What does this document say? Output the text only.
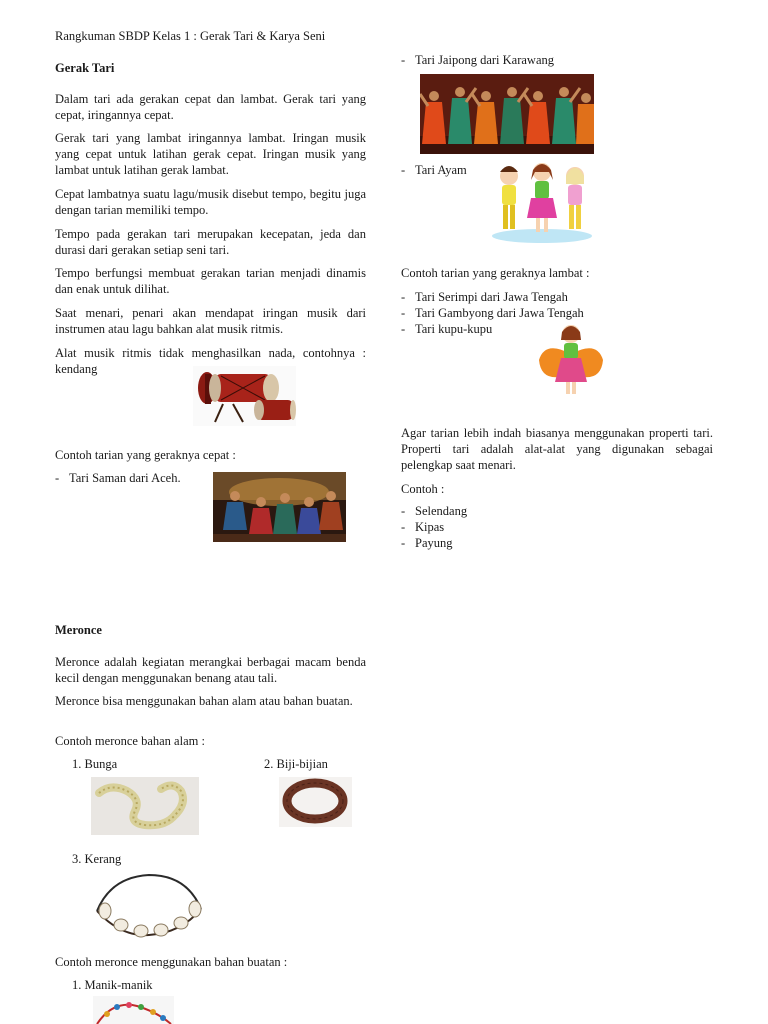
Rangkuman SBDP Kelas 1 : Gerak Tari & Karya Seni
Gerak Tari
Dalam tari ada gerakan cepat dan lambat. Gerak tari yang cepat, iringannya cepat.
Gerak tari yang lambat iringannya lambat. Iringan musik yang cepat untuk latihan gerak cepat. Iringan musik yang lambat untuk latihan gerak lambat.
Cepat lambatnya suatu lagu/musik disebut tempo, begitu juga dengan tarian memiliki tempo.
Tempo pada gerakan tari merupakan kecepatan, jeda dan durasi dari gerakan setiap seni tari.
Tempo berfungsi membuat gerakan tarian menjadi dinamis dan enak untuk dilihat.
Saat menari, penari akan mendapat iringan musik dari instrumen atau lagu bahkan alat musik ritmis.
Alat musik ritmis tidak menghasilkan nada, contohnya : kendang
Contoh tarian yang geraknya cepat :
- Tari Saman dari Aceh.
Meronce
Meronce adalah kegiatan merangkai berbagai macam benda kecil dengan menggunakan benang atau tali.
Meronce bisa menggunakan bahan alam atau bahan buatan.
Contoh meronce bahan alam :
1. Bunga	2. Biji-bijian
3. Kerang
Contoh meronce menggunakan bahan buatan :
1. Manik-manik
- Tari Jaipong dari Karawang
- Tari Ayam
Contoh tarian yang geraknya lambat :
- Tari Serimpi dari Jawa Tengah
- Tari Gambyong dari Jawa Tengah
- Tari kupu-kupu
Agar tarian lebih indah biasanya menggunakan properti tari. Properti tari adalah alat-alat yang digunakan sebagai pelengkap saat menari.
Contoh :
- Selendang
- Kipas
- Payung
